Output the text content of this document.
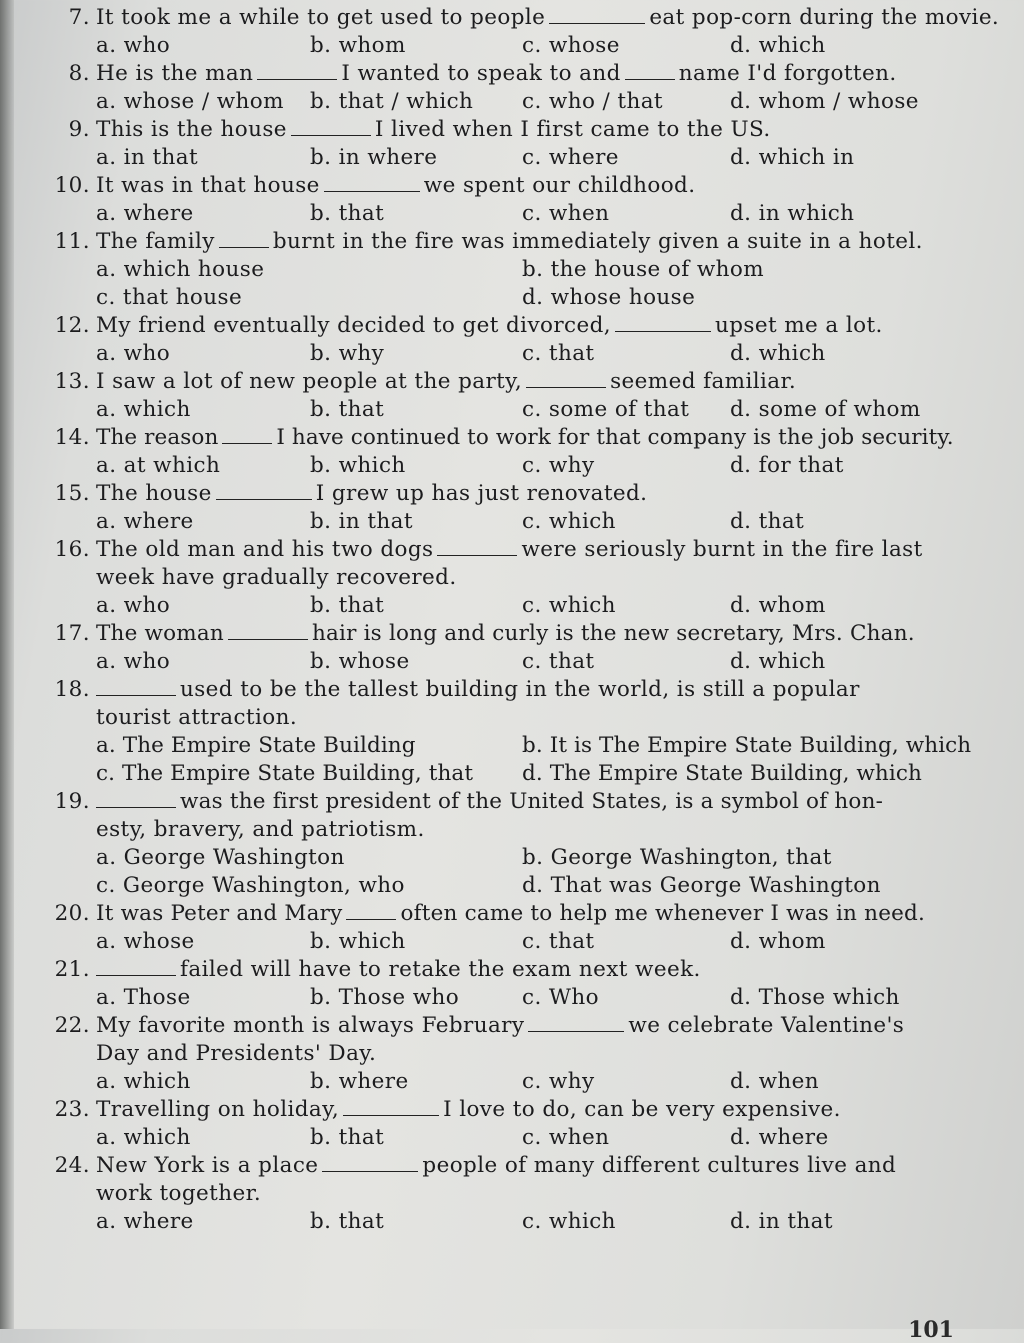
7. It took me a while to get used to people	eat pop-corn during the movie.
a. who	b. whom	c. whose	d. which
8. He is the man	I wanted to speak to and	name I'd forgotten.
a. whose / whom b. that / which c. who / that	d. whom / whose
9. This is the house	I lived when I first came to the US.
a. in that	b. in where	c. where	d. which in
10. It was in that house	we spent our childhood.
a. where	b. that	c. when	d. in which
11. The family	burnt in the fire was immediately given a suite in a hotel.
a. which house	b. the house of whom
c. that house	d. whose house
12. My friend eventually decided to get divorced,	upset me a lot.
a. who	b. why	c. that	d. which
13. I saw a lot of new people at the party,	seemed familiar.
a. which	b. that	c. some of that d. some of whom
14. The reason	I have continued to work for that company is the job security.
a. at which	b. which	c. why	d. for that
15. The house	I grew up has just renovated.
a. where	b. in that	c. which	d. that
16. The old man and his two dogs	were seriously burnt in the fire last
week have gradually recovered.
a. who	b. that	c. which	d. whom
17. The woman	hair is long and curly is the new secretary, Mrs. Chan.
a. who	b. whose	c. that	d. which
18.	used to be the tallest building in the world, is still a popular
tourist attraction.
a. The Empire State Building	b. It is The Empire State Building, which
c. The Empire State Building, that d. The Empire State Building, which
19.	was the first president of the United States, is a symbol of hon-
esty, bravery, and patriotism.
a. George Washington	b. George Washington, that
c. George Washington, who	d. That was George Washington
20. It was Peter and Mary	often came to help me whenever I was in need.
a. whose	b. which	c. that	d. whom
21.	failed will have to retake the exam next week.
a. Those	b. Those who	c. Who	d. Those which
22. My favorite month is always February	we celebrate Valentine's
Day and Presidents' Day.
a. which	b. where	c. why	d. when
23. Travelling on holiday,	I love to do, can be very expensive.
a. which	b. that	c. when	d. where
24. New York is a place	people of many different cultures live and
work together.
a. where	b. that	c. which	d. in that
101
